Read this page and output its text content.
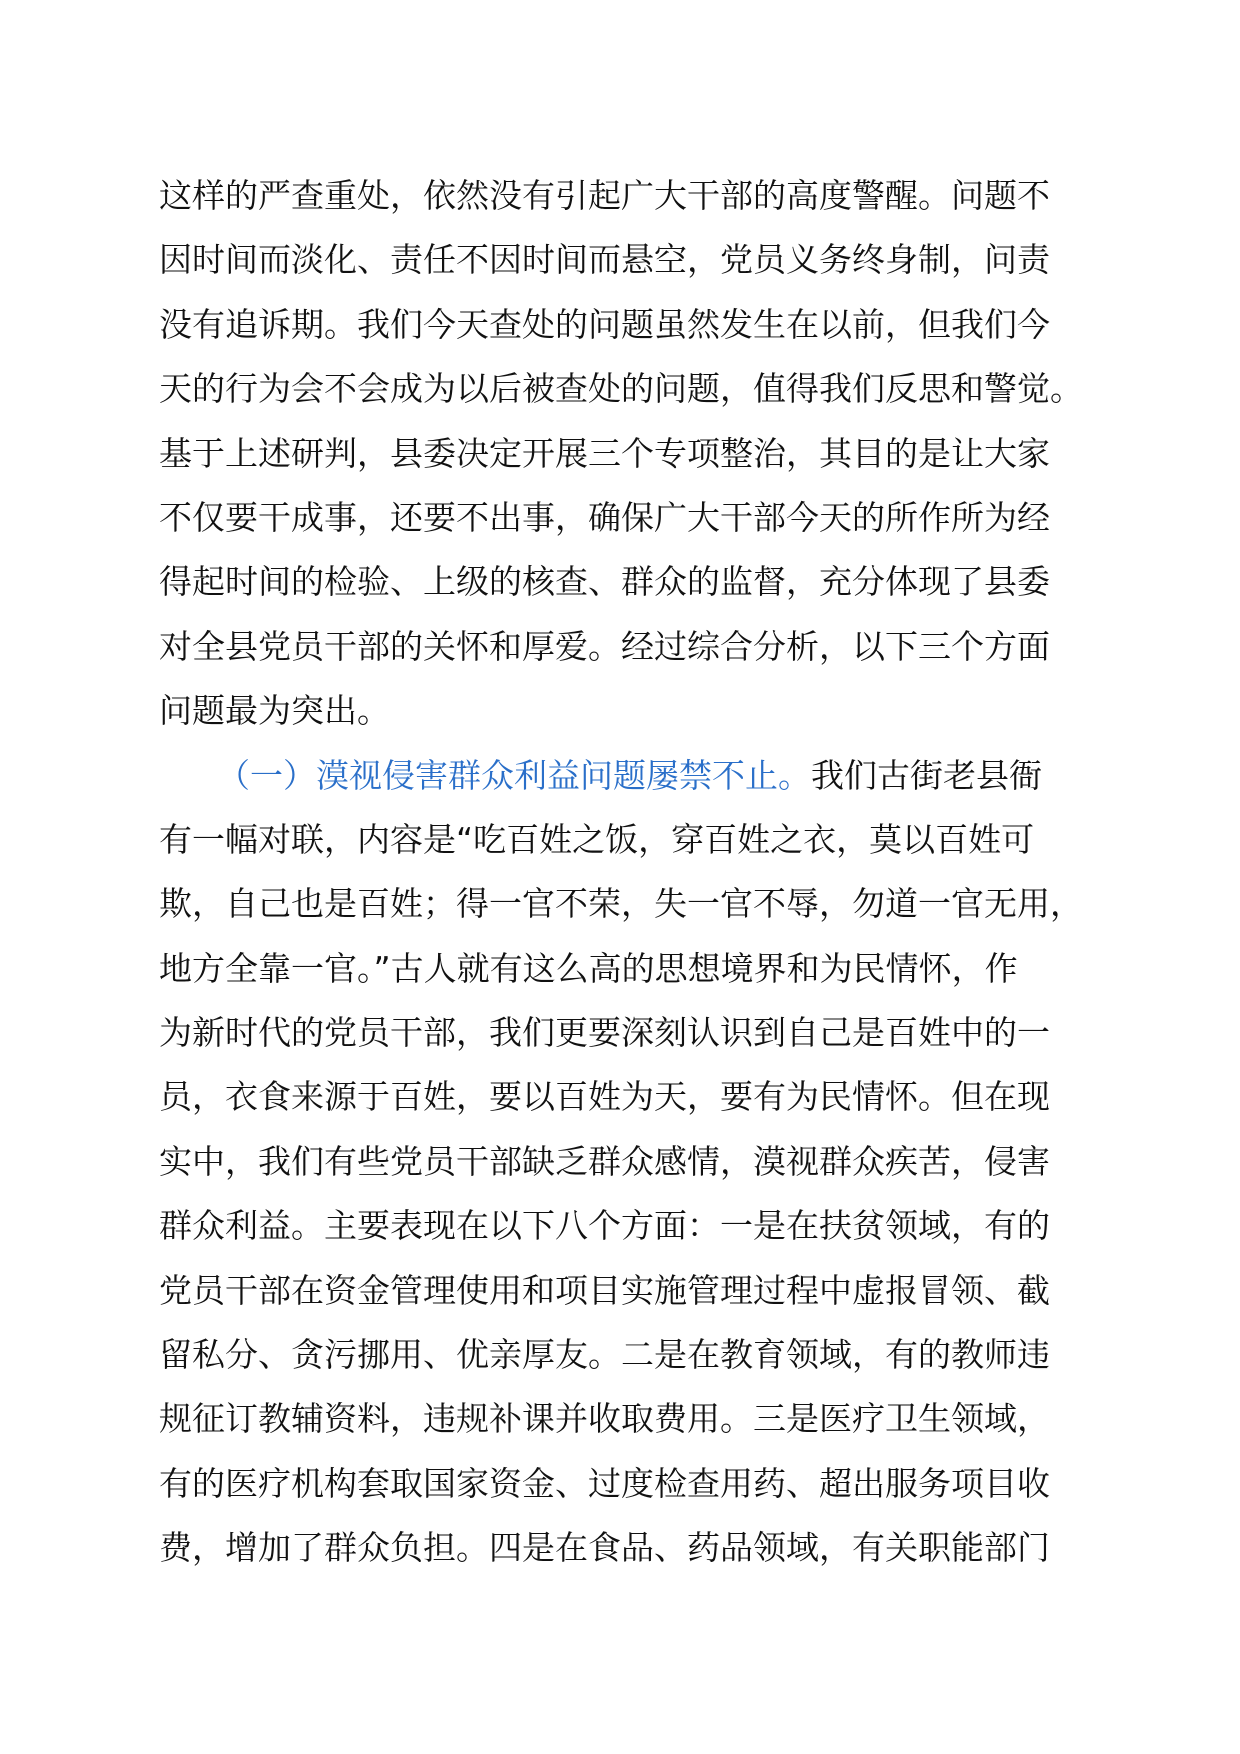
这样的严查重处，依然没有引起广大干部的高度警醒。问题不
因时间而淡化、责任不因时间而悬空，党员义务终身制，问责
没有追诉期。我们今天查处的问题虽然发生在以前，但我们今
天的行为会不会成为以后被查处的问题，值得我们反思和警觉。
基于上述研判，县委决定开展三个专项整治，其目的是让大家
不仅要干成事，还要不出事，确保广大干部今天的所作所为经
得起时间的检验、上级的核查、群众的监督，充分体现了县委
对全县党员干部的关怀和厚爱。经过综合分析，以下三个方面
问题最为突出。
（一）漠视侵害群众利益问题屡禁不止。我们古街老县衙
有一幅对联，内容是“吃百姓之饭，穿百姓之衣，莫以百姓可
欺，自己也是百姓；得一官不荣，失一官不辱，勿道一官无用，
地方全靠一官。”古人就有这么高的思想境界和为民情怀，作
为新时代的党员干部，我们更要深刻认识到自己是百姓中的一
员，衣食来源于百姓，要以百姓为天，要有为民情怀。但在现
实中，我们有些党员干部缺乏群众感情，漠视群众疾苦，侵害
群众利益。主要表现在以下八个方面：一是在扶贫领域，有的
党员干部在资金管理使用和项目实施管理过程中虚报冒领、截
留私分、贪污挪用、优亲厚友。二是在教育领域，有的教师违
规征订教辅资料，违规补课并收取费用。三是医疗卫生领域，
有的医疗机构套取国家资金、过度检查用药、超出服务项目收
费，增加了群众负担。四是在食品、药品领域，有关职能部门
